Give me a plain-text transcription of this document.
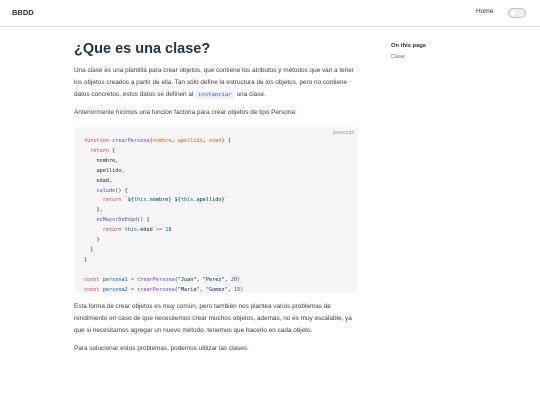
BBDD	Home
¿Que es una clase?

Una clase es una plantilla para crear objetos, que contiene los atributos y métodos que van a tener los objetos creados a partir de ella. Tan sólo define la estructura de los objetos, pero no contiene datos concretos, estos datos se definen al instanciar una clase.

Anteriormente hicimos una funcion factoria para crear objetos de tipo Persona:

javascript
function crearPersona(nombre, apellido, edad) {
return {
nombre,
apellido,
edad,
saludo() {
return `${this.nombre} ${this.apellido}`
},
esMayorDeEdad() {
return this.edad >= 18
}
}
}

const persona1 = crearPersona("Juan", "Perez", 20)
const persona2 = crearPersona("Maria", "Gomez", 15)

Esta forma de crear objetos es muy común, pero también nos plantea varios problemas de rendimiento en caso de que necesitemos crear muchos objetos, además, no es muy escalable, ya que si necesitamos agregar un nuevo método, tenemos que hacerlo en cada objeto.

Para solucionar estos problemas, podemos utilizar las clases.

On this page
Clase
